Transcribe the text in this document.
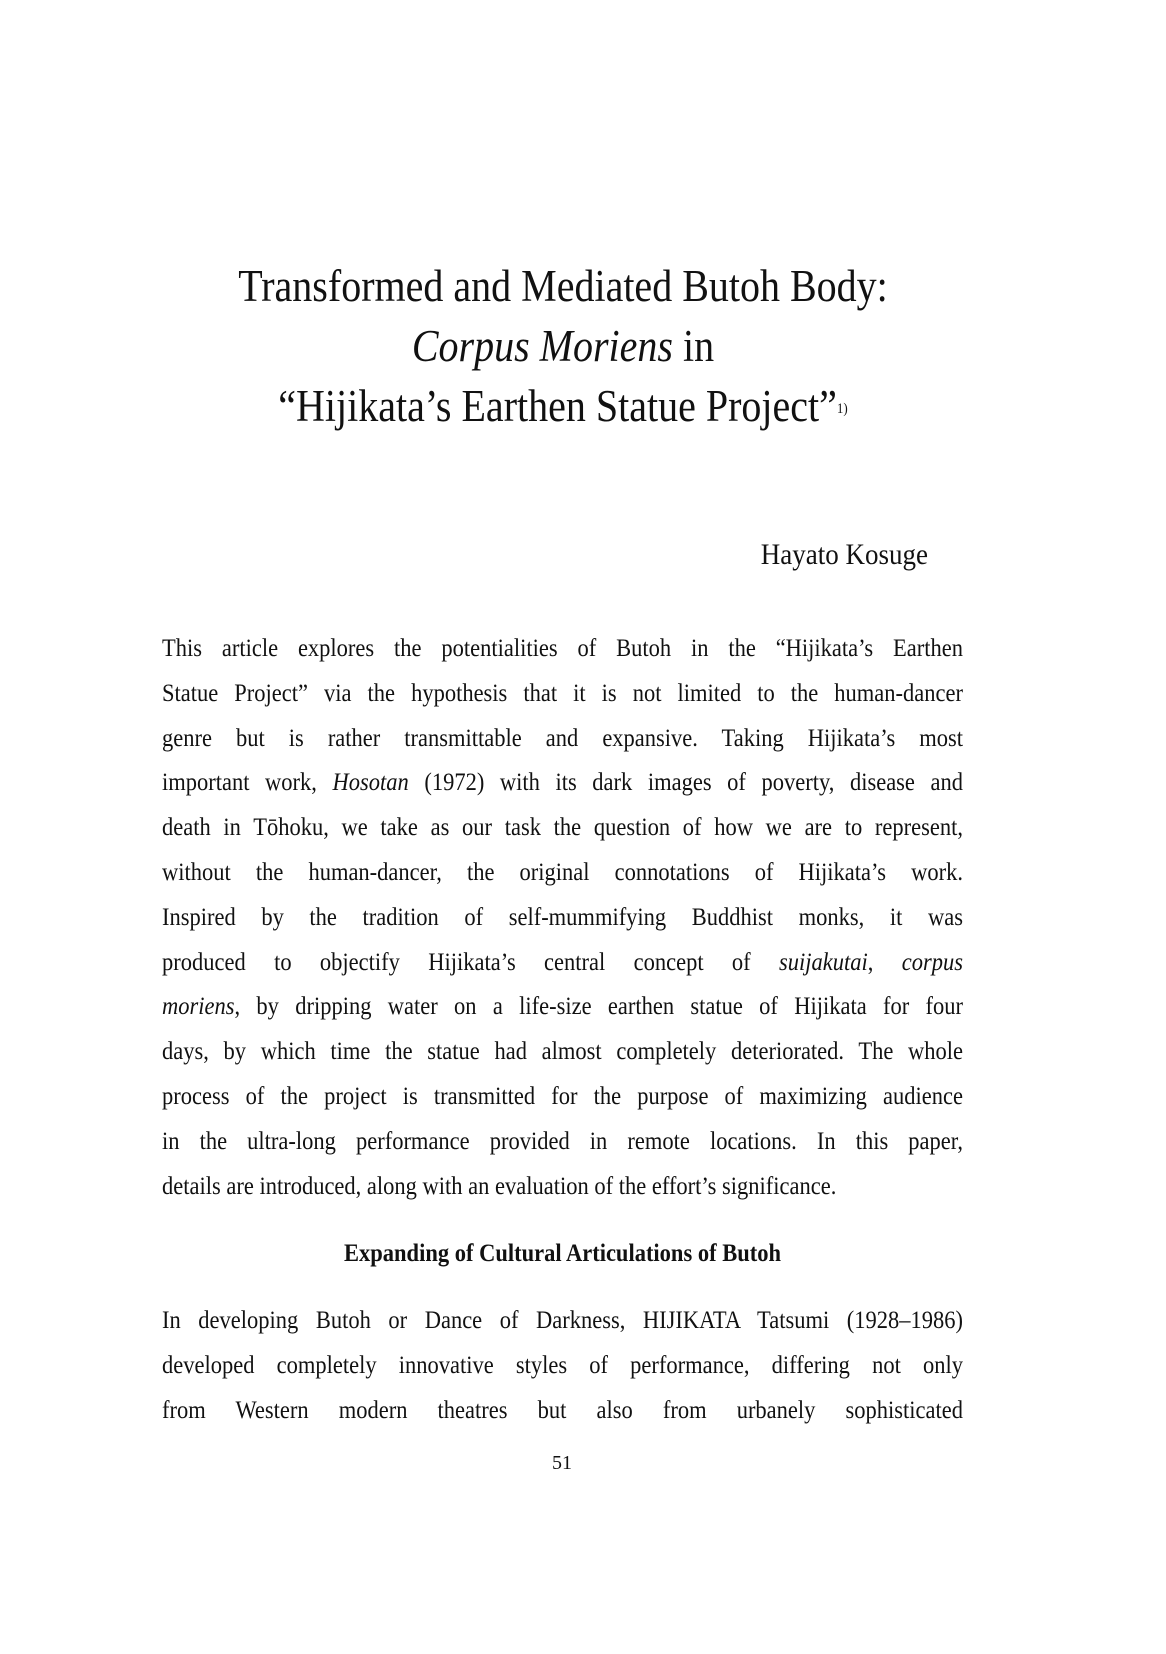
Transformed and Mediated Butoh Body:
Corpus Moriens in
“Hijikata’s Earthen Statue Project”$^{1)}$
Hayato Kosuge
This article explores the potentialities of Butoh in the “Hijikata’s Earthen
Statue Project” via the hypothesis that it is not limited to the human-dancer
genre but is rather transmittable and expansive. Taking Hijikata’s most
important work, Hosotan (1972) with its dark images of poverty, disease and
death in Tōhoku, we take as our task the question of how we are to represent,
without the human-dancer, the original connotations of Hijikata’s work.
Inspired by the tradition of self-mummifying Buddhist monks, it was
produced to objectify Hijikata’s central concept of suijakutai, corpus
moriens, by dripping water on a life-size earthen statue of Hijikata for four
days, by which time the statue had almost completely deteriorated. The whole
process of the project is transmitted for the purpose of maximizing audience
in the ultra-long performance provided in remote locations. In this paper,
details are introduced, along with an evaluation of the effort’s significance.
Expanding of Cultural Articulations of Butoh
In developing Butoh or Dance of Darkness, HIJIKATA Tatsumi (1928–1986)
developed completely innovative styles of performance, differing not only
from Western modern theatres but also from urbanely sophisticated
51
